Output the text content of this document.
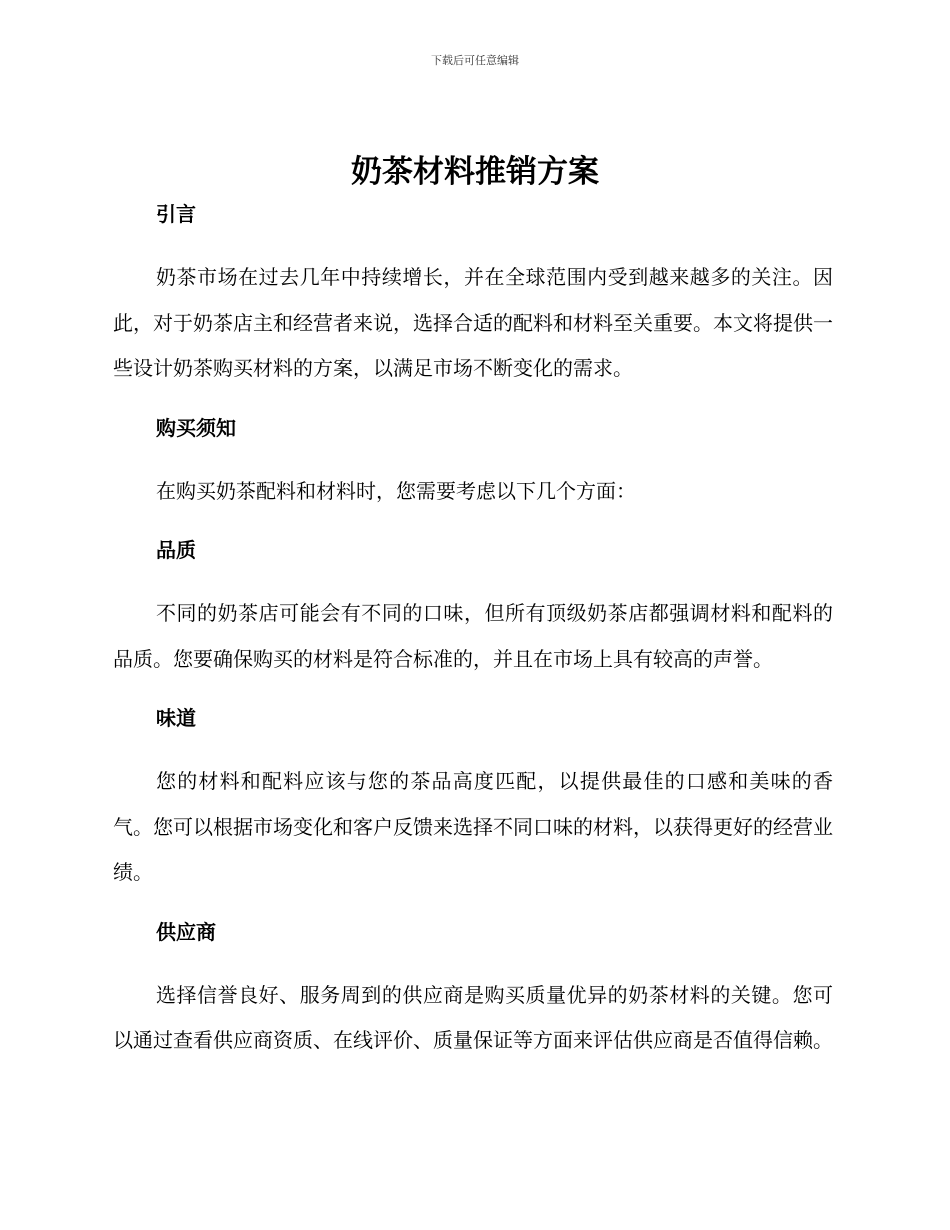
下载后可任意编辑
奶茶材料推销方案
引言

奶茶市场在过去几年中持续增长，并在全球范围内受到越来越多的关注。因此，对于奶茶店主和经营者来说，选择合适的配料和材料至关重要。本文将提供一些设计奶茶购买材料的方案，以满足市场不断变化的需求。

购买须知

在购买奶茶配料和材料时，您需要考虑以下几个方面：

品质

不同的奶茶店可能会有不同的口味，但所有顶级奶茶店都强调材料和配料的品质。您要确保购买的材料是符合标准的，并且在市场上具有较高的声誉。

味道

您的材料和配料应该与您的茶品高度匹配，以提供最佳的口感和美味的香气。您可以根据市场变化和客户反馈来选择不同口味的材料，以获得更好的经营业绩。

供应商

选择信誉良好、服务周到的供应商是购买质量优异的奶茶材料的关键。您可以通过查看供应商资质、在线评价、质量保证等方面来评估供应商是否值得信赖。
